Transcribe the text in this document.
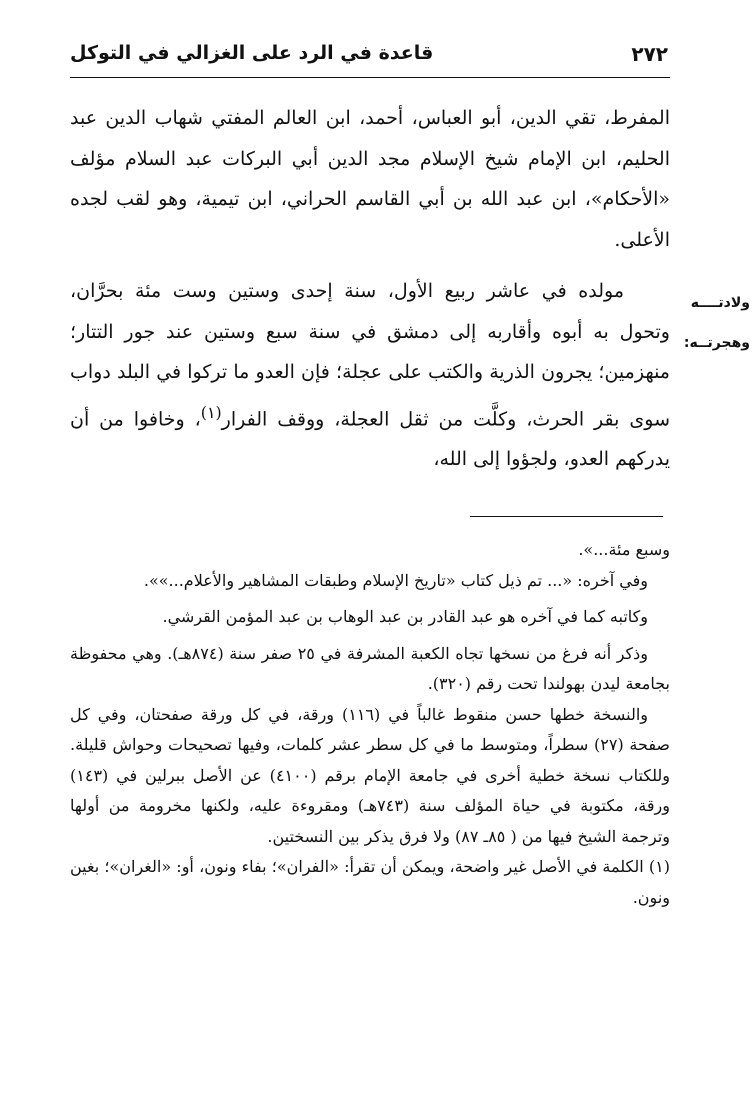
قاعدة في الرد على الغزالي في التوكل	٢٧٢
ولادتــــه
وهجرتــه:

المفرط، تقي الدين، أبو العباس، أحمد، ابن العالم المفتي شهاب الدين عبد الحليم، ابن الإمام شيخ الإسلام مجد الدين أبي البركات عبد السلام مؤلف «الأحكام»، ابن عبد الله بن أبي القاسم الحراني، ابن تيمية، وهو لقب لجده الأعلى.

مولده في عاشر ربيع الأول، سنة إحدى وستين وست مئة بحرَّان، وتحول به أبوه وأقاربه إلى دمشق في سنة سبع وستين عند جور التتار؛ منهزمين؛ يجرون الذرية والكتب على عجلة؛ فإن العدو ما تركوا في البلد دواب سوى بقر الحرث، وكلَّت من ثقل العجلة، ووقف الفرار$^{(١)}$، وخافوا من أن يدركهم العدو، ولجؤوا إلى الله،

وسبع مئة...».

وفي آخره: «... تم ذيل كتاب «تاريخ الإسلام وطبقات المشاهير والأعلام...»».

وكاتبه كما في آخره هو عبد القادر بن عبد الوهاب بن عبد المؤمن القرشي.

وذكر أنه فرغ من نسخها تجاه الكعبة المشرفة في ٢٥ صفر سنة (٨٧٤هـ). وهي محفوظة بجامعة ليدن بهولندا تحت رقم (٣٢٠).

والنسخة خطها حسن منقوط غالباً في (١١٦) ورقة، في كل ورقة صفحتان، وفي كل صفحة (٢٧) سطراً، ومتوسط ما في كل سطر عشر كلمات، وفيها تصحيحات وحواش قليلة. وللكتاب نسخة خطية أخرى في جامعة الإمام برقم (٤١٠٠) عن الأصل ببرلين في (١٤٣) ورقة، مكتوبة في حياة المؤلف سنة (٧٤٣هـ) ومقروءة عليه، ولكنها مخرومة من أولها وترجمة الشيخ فيها من ( ٨٥ـ ٨٧) ولا فرق يذكر بين النسختين.

(١) الكلمة في الأصل غير واضحة، ويمكن أن تقرأ: «الفران»؛ بفاء ونون، أو: «الغران»؛ بغين ونون.
